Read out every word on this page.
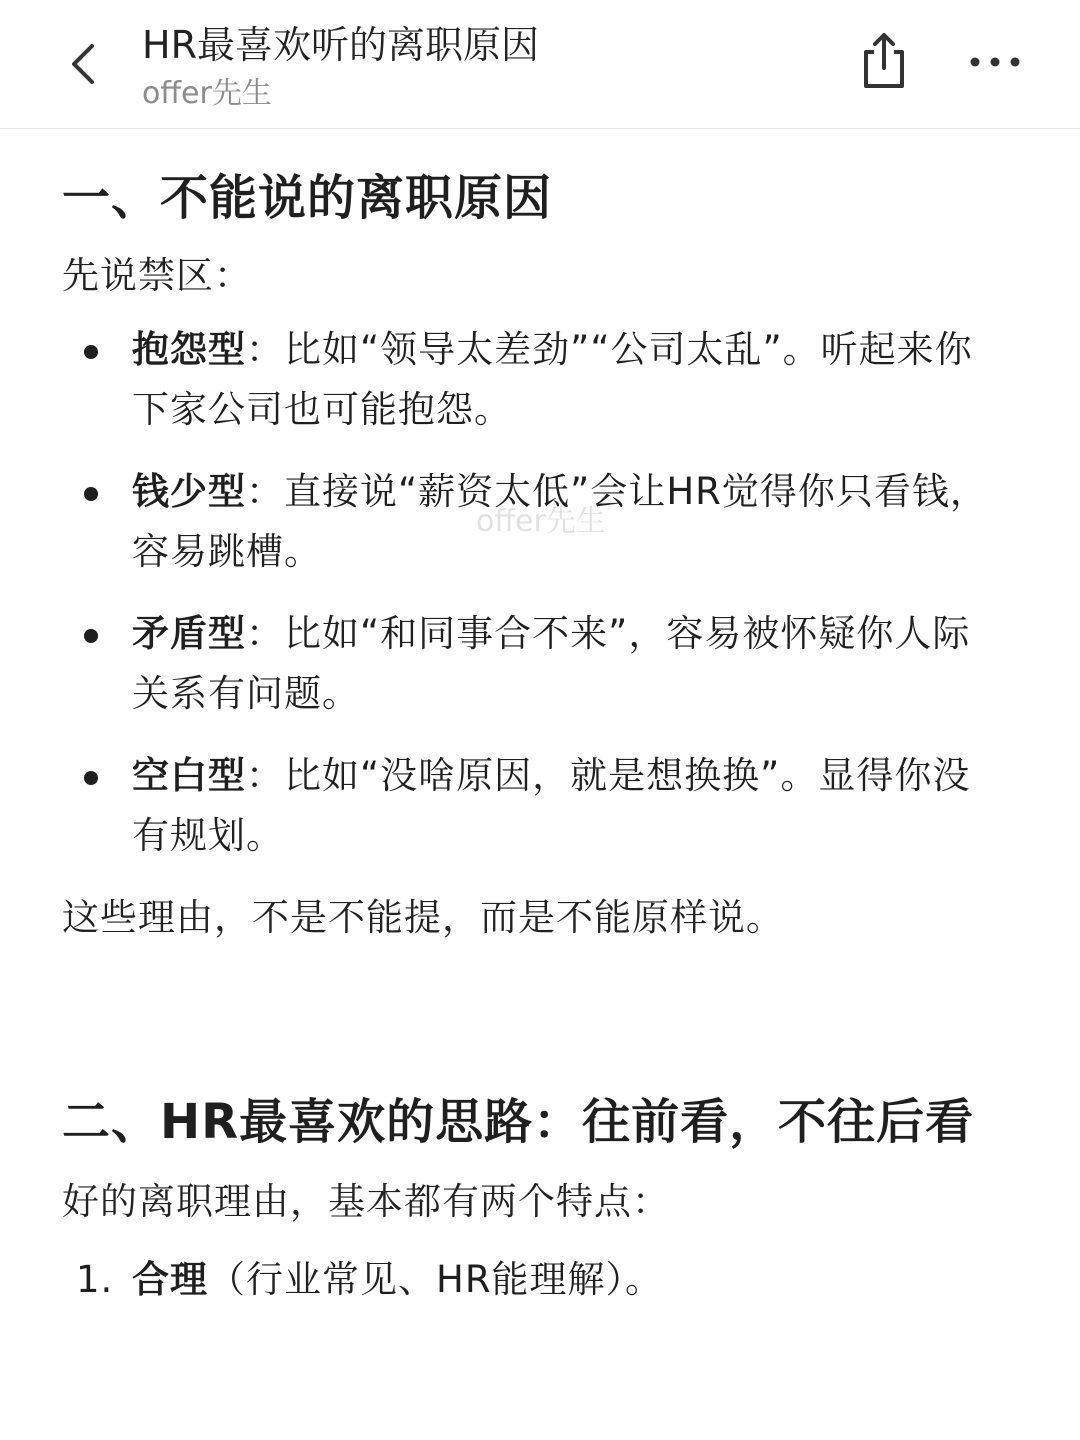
HR最喜欢听的离职原因
offer先生
一、不能说的离职原因

先说禁区：

抱怨型：比如“领导太差劲”“公司太乱”。听起来你下家公司也可能抱怨。
钱少型：直接说“薪资太低”会让HR觉得你只看钱，容易跳槽。
矛盾型：比如“和同事合不来”，容易被怀疑你人际关系有问题。
空白型：比如“没啥原因，就是想换换”。显得你没有规划。

这些理由，不是不能提，而是不能原样说。

二、HR最喜欢的思路：往前看，不往后看

好的离职理由，基本都有两个特点：

1. 合理（行业常见、HR能理解）。
offer先生
